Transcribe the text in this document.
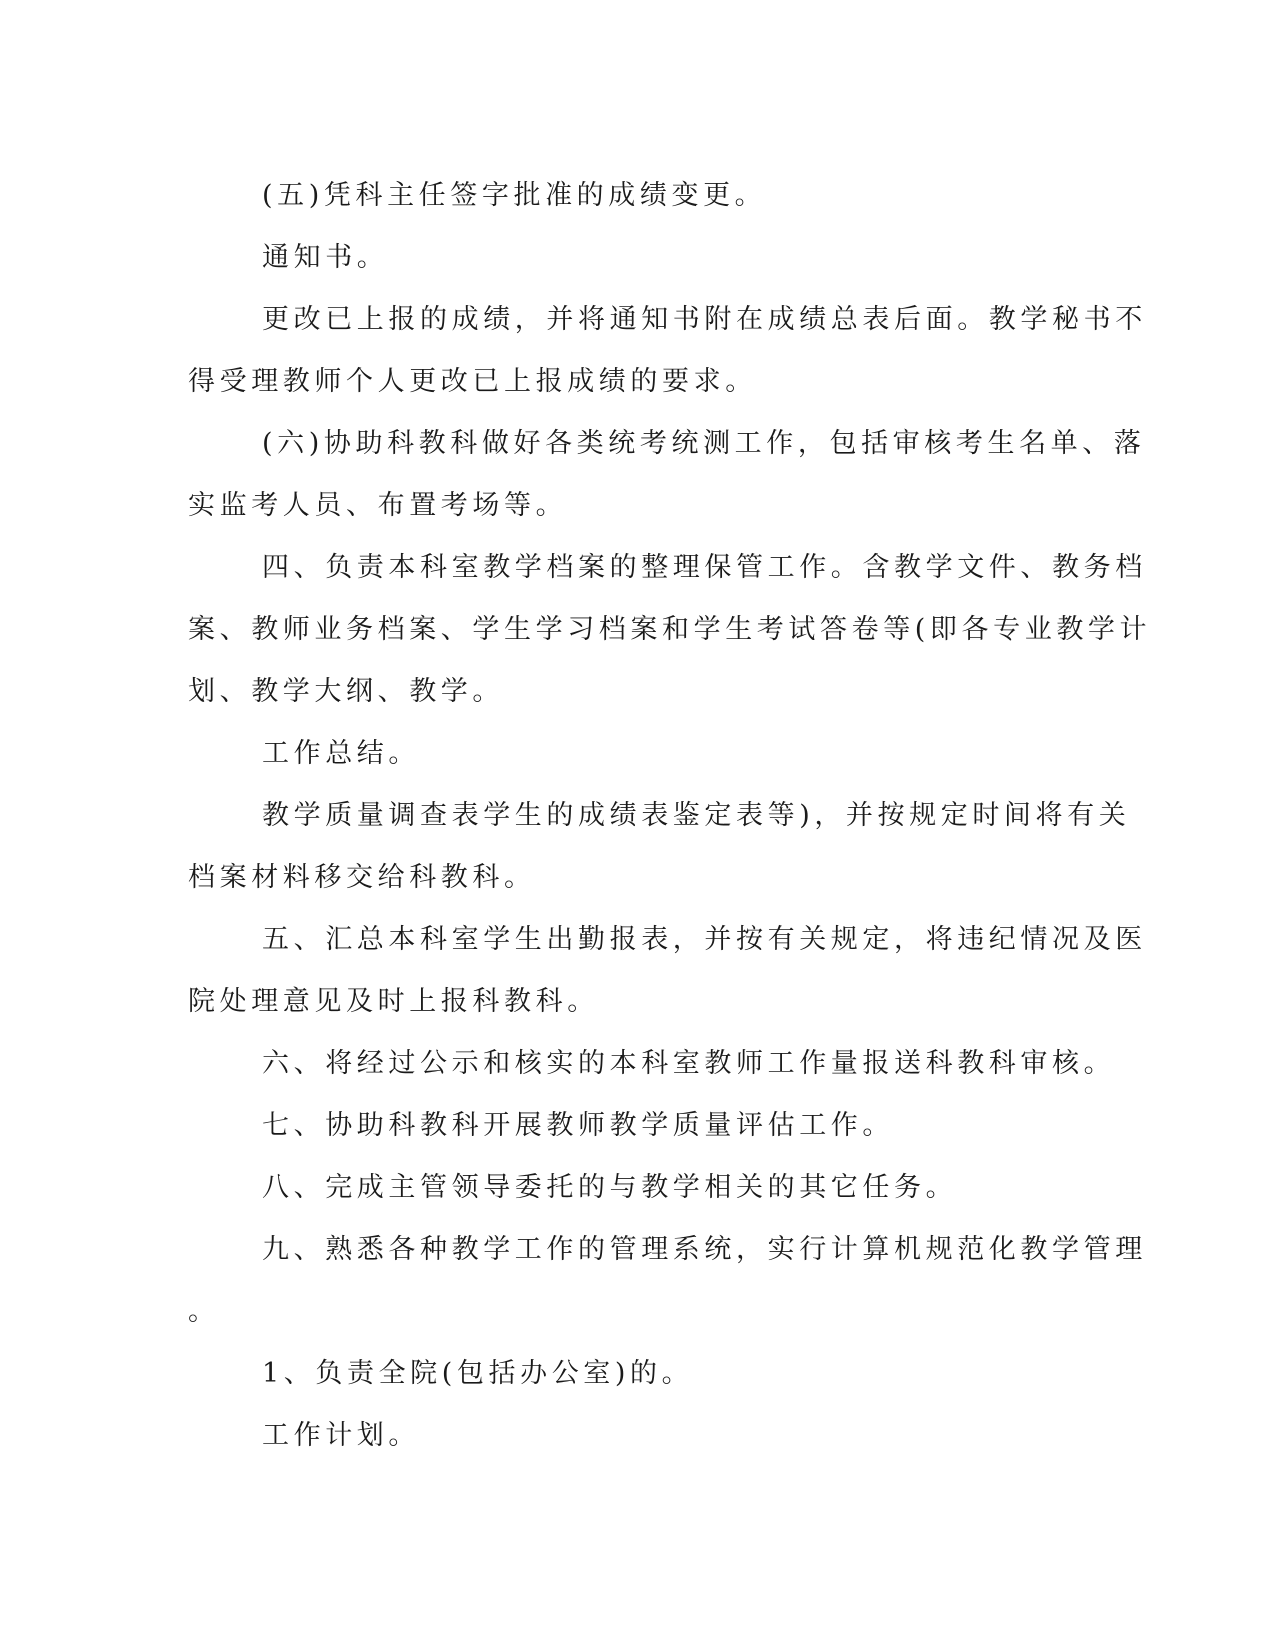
(五)凭科主任签字批准的成绩变更。
通知书。
更改已上报的成绩，并将通知书附在成绩总表后面。教学秘书不
得受理教师个人更改已上报成绩的要求。
(六)协助科教科做好各类统考统测工作，包括审核考生名单、落
实监考人员、布置考场等。
四、负责本科室教学档案的整理保管工作。含教学文件、教务档
案、教师业务档案、学生学习档案和学生考试答卷等(即各专业教学计
划、教学大纲、教学。
工作总结。
教学质量调查表学生的成绩表鉴定表等)，并按规定时间将有关
档案材料移交给科教科。
五、汇总本科室学生出勤报表，并按有关规定，将违纪情况及医
院处理意见及时上报科教科。
六、将经过公示和核实的本科室教师工作量报送科教科审核。
七、协助科教科开展教师教学质量评估工作。
八、完成主管领导委托的与教学相关的其它任务。
九、熟悉各种教学工作的管理系统，实行计算机规范化教学管理
。
1、负责全院(包括办公室)的。
工作计划。
